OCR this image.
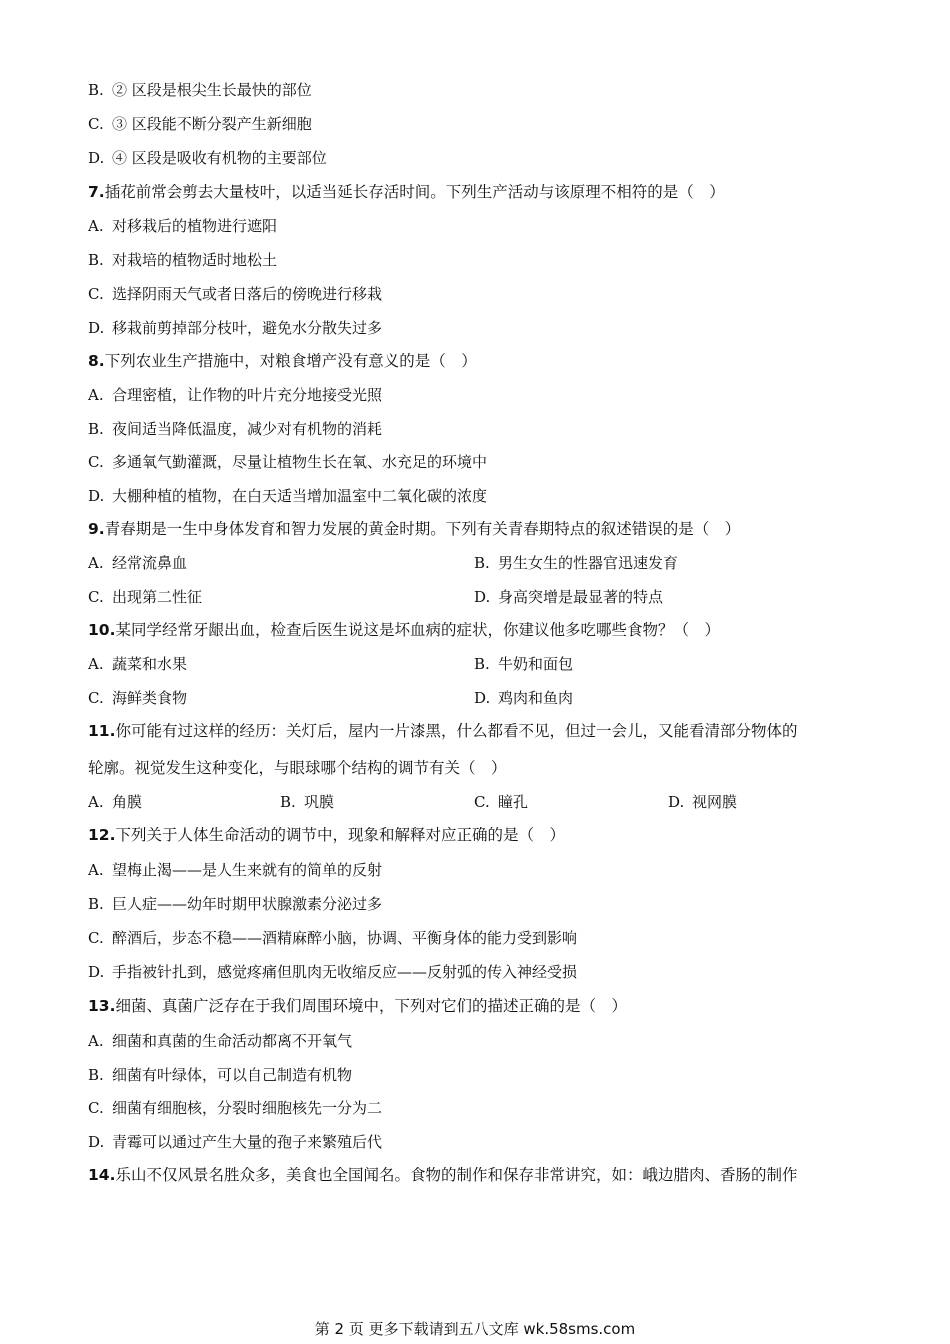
B. ② 区段是根尖生长最快的部位
C. ③ 区段能不断分裂产生新细胞
D. ④ 区段是吸收有机物的主要部位
7.插花前常会剪去大量枝叶，以适当延长存活时间。下列生产活动与该原理不相符的是（　）
A. 对移栽后的植物进行遮阳
B. 对栽培的植物适时地松土
C. 选择阴雨天气或者日落后的傍晚进行移栽
D. 移栽前剪掉部分枝叶，避免水分散失过多
8.下列农业生产措施中，对粮食增产没有意义的是（　）
A. 合理密植，让作物的叶片充分地接受光照
B. 夜间适当降低温度，减少对有机物的消耗
C. 多通氧气勤灌溉，尽量让植物生长在氧、水充足的环境中
D. 大棚种植的植物，在白天适当增加温室中二氧化碳的浓度
9.青春期是一生中身体发育和智力发展的黄金时期。下列有关青春期特点的叙述错误的是（　）
A. 经常流鼻血	B. 男生女生的性器官迅速发育
C. 出现第二性征	D. 身高突增是最显著的特点
10.某同学经常牙龈出血，检查后医生说这是坏血病的症状，你建议他多吃哪些食物？（　）
A. 蔬菜和水果	B. 牛奶和面包
C. 海鲜类食物	D. 鸡肉和鱼肉
11.你可能有过这样的经历：关灯后，屋内一片漆黑，什么都看不见，但过一会儿，又能看清部分物体的
轮廓。视觉发生这种变化，与眼球哪个结构的调节有关（　）
A. 角膜	B. 巩膜	C. 瞳孔	D. 视网膜
12.下列关于人体生命活动的调节中，现象和解释对应正确的是（　）
A. 望梅止渴——是人生来就有的简单的反射
B. 巨人症——幼年时期甲状腺激素分泌过多
C. 醉酒后，步态不稳——酒精麻醉小脑，协调、平衡身体的能力受到影响
D. 手指被针扎到，感觉疼痛但肌肉无收缩反应——反射弧的传入神经受损
13.细菌、真菌广泛存在于我们周围环境中，下列对它们的描述正确的是（　）
A. 细菌和真菌的生命活动都离不开氧气
B. 细菌有叶绿体，可以自己制造有机物
C. 细菌有细胞核，分裂时细胞核先一分为二
D. 青霉可以通过产生大量的孢子来繁殖后代
14.乐山不仅风景名胜众多，美食也全国闻名。食物的制作和保存非常讲究，如：峨边腊肉、香肠的制作
第 2 页 更多下载请到五八文库 wk.58sms.com
